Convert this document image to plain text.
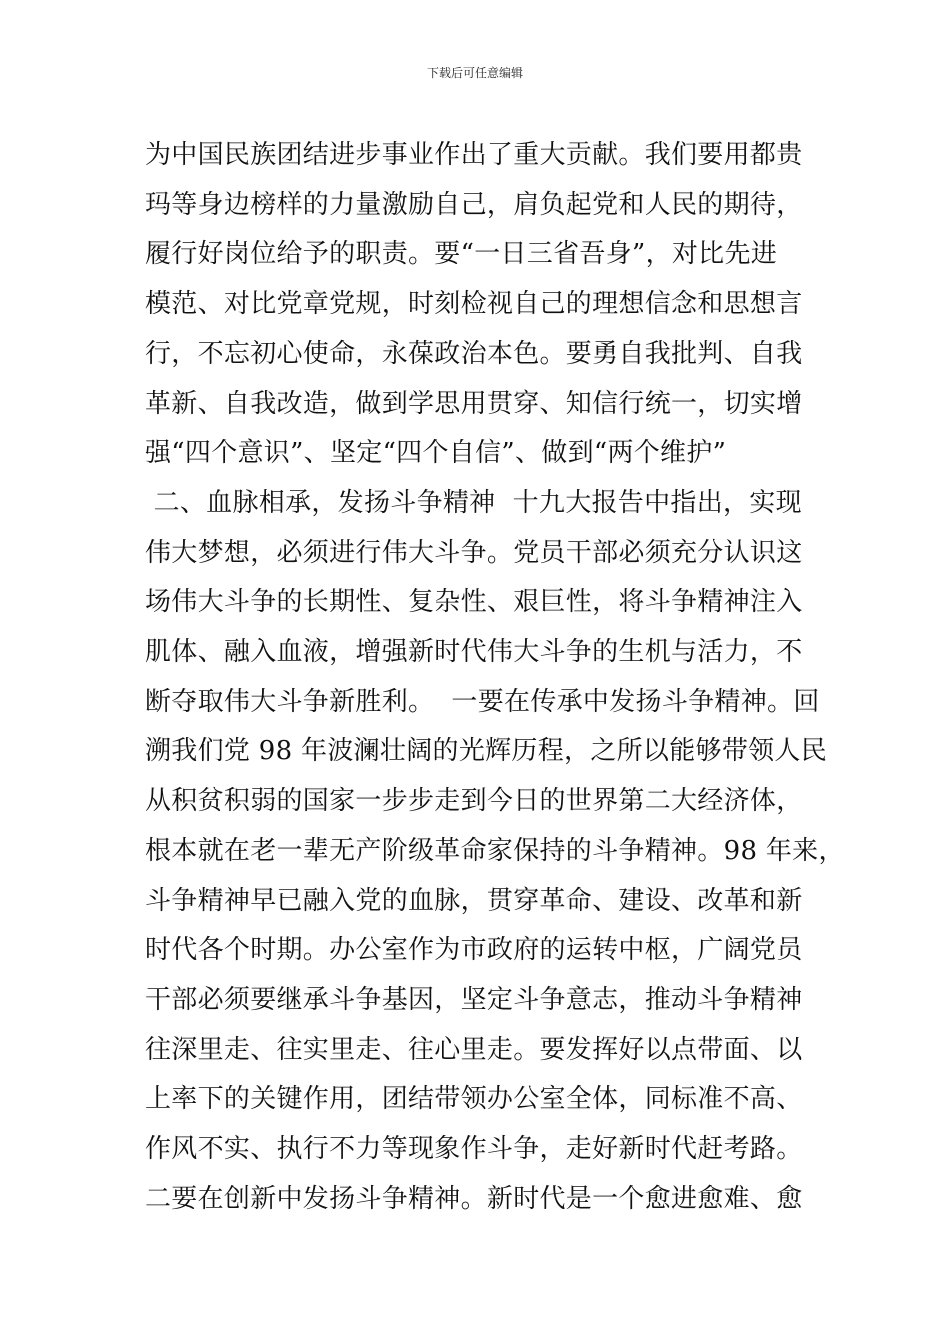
下载后可任意编辑
为中国民族团结进步事业作出了重大贡献。我们要用都贵
玛等身边榜样的力量激励自己，肩负起党和人民的期待，
履行好岗位给予的职责。要“一日三省吾身”，对比先进
模范、对比党章党规，时刻检视自己的理想信念和思想言
行，不忘初心使命，永葆政治本色。要勇自我批判、自我
革新、自我改造，做到学思用贯穿、知信行统一，切实增
强“四个意识”、坚定“四个自信”、做到“两个维护”
二、血脉相承，发扬斗争精神  十九大报告中指出，实现
伟大梦想，必须进行伟大斗争。党员干部必须充分认识这
场伟大斗争的长期性、复杂性、艰巨性，将斗争精神注入
肌体、融入血液，增强新时代伟大斗争的生机与活力，不
断夺取伟大斗争新胜利。  一要在传承中发扬斗争精神。回
溯我们党 98 年波澜壮阔的光辉历程，之所以能够带领人民
从积贫积弱的国家一步步走到今日的世界第二大经济体，
根本就在老一辈无产阶级革命家保持的斗争精神。98 年来，
斗争精神早已融入党的血脉，贯穿革命、建设、改革和新
时代各个时期。办公室作为市政府的运转中枢，广阔党员
干部必须要继承斗争基因，坚定斗争意志，推动斗争精神
往深里走、往实里走、往心里走。要发挥好以点带面、以
上率下的关键作用，团结带领办公室全体，同标准不高、
作风不实、执行不力等现象作斗争，走好新时代赶考路。
二要在创新中发扬斗争精神。新时代是一个愈进愈难、愈
